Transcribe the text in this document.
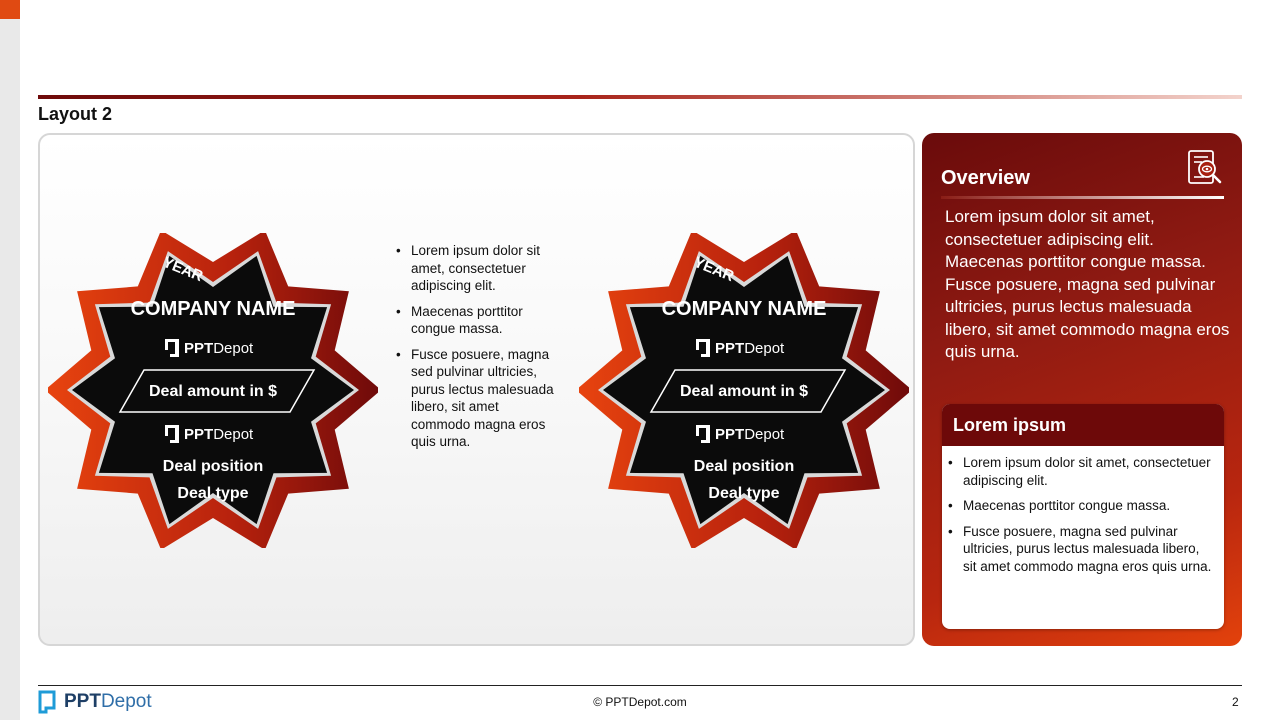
Layout 2
YEAR
COMPANY NAME
PPT Depot
Deal amount in $
PPT Depot
Deal position
Deal type
YEAR
COMPANY NAME
PPT Depot
Deal amount in $
PPT Depot
Deal position
Deal type
• Lorem ipsum dolor sit amet, consectetuer adipiscing elit.
• Maecenas porttitor congue massa.
• Fusce posuere, magna sed pulvinar ultricies, purus lectus malesuada libero, sit amet commodo magna eros quis urna.
Overview
Lorem ipsum dolor sit amet, consectetuer adipiscing elit. Maecenas porttitor congue massa. Fusce posuere, magna sed pulvinar ultricies, purus lectus malesuada libero, sit amet commodo magna eros quis urna.
Lorem ipsum
• Lorem ipsum dolor sit amet, consectetuer adipiscing elit.
• Maecenas porttitor congue massa.
• Fusce posuere, magna sed pulvinar ultricies, purus lectus malesuada libero, sit amet commodo magna eros quis urna.
PPT Depot	© PPTDepot.com	2
